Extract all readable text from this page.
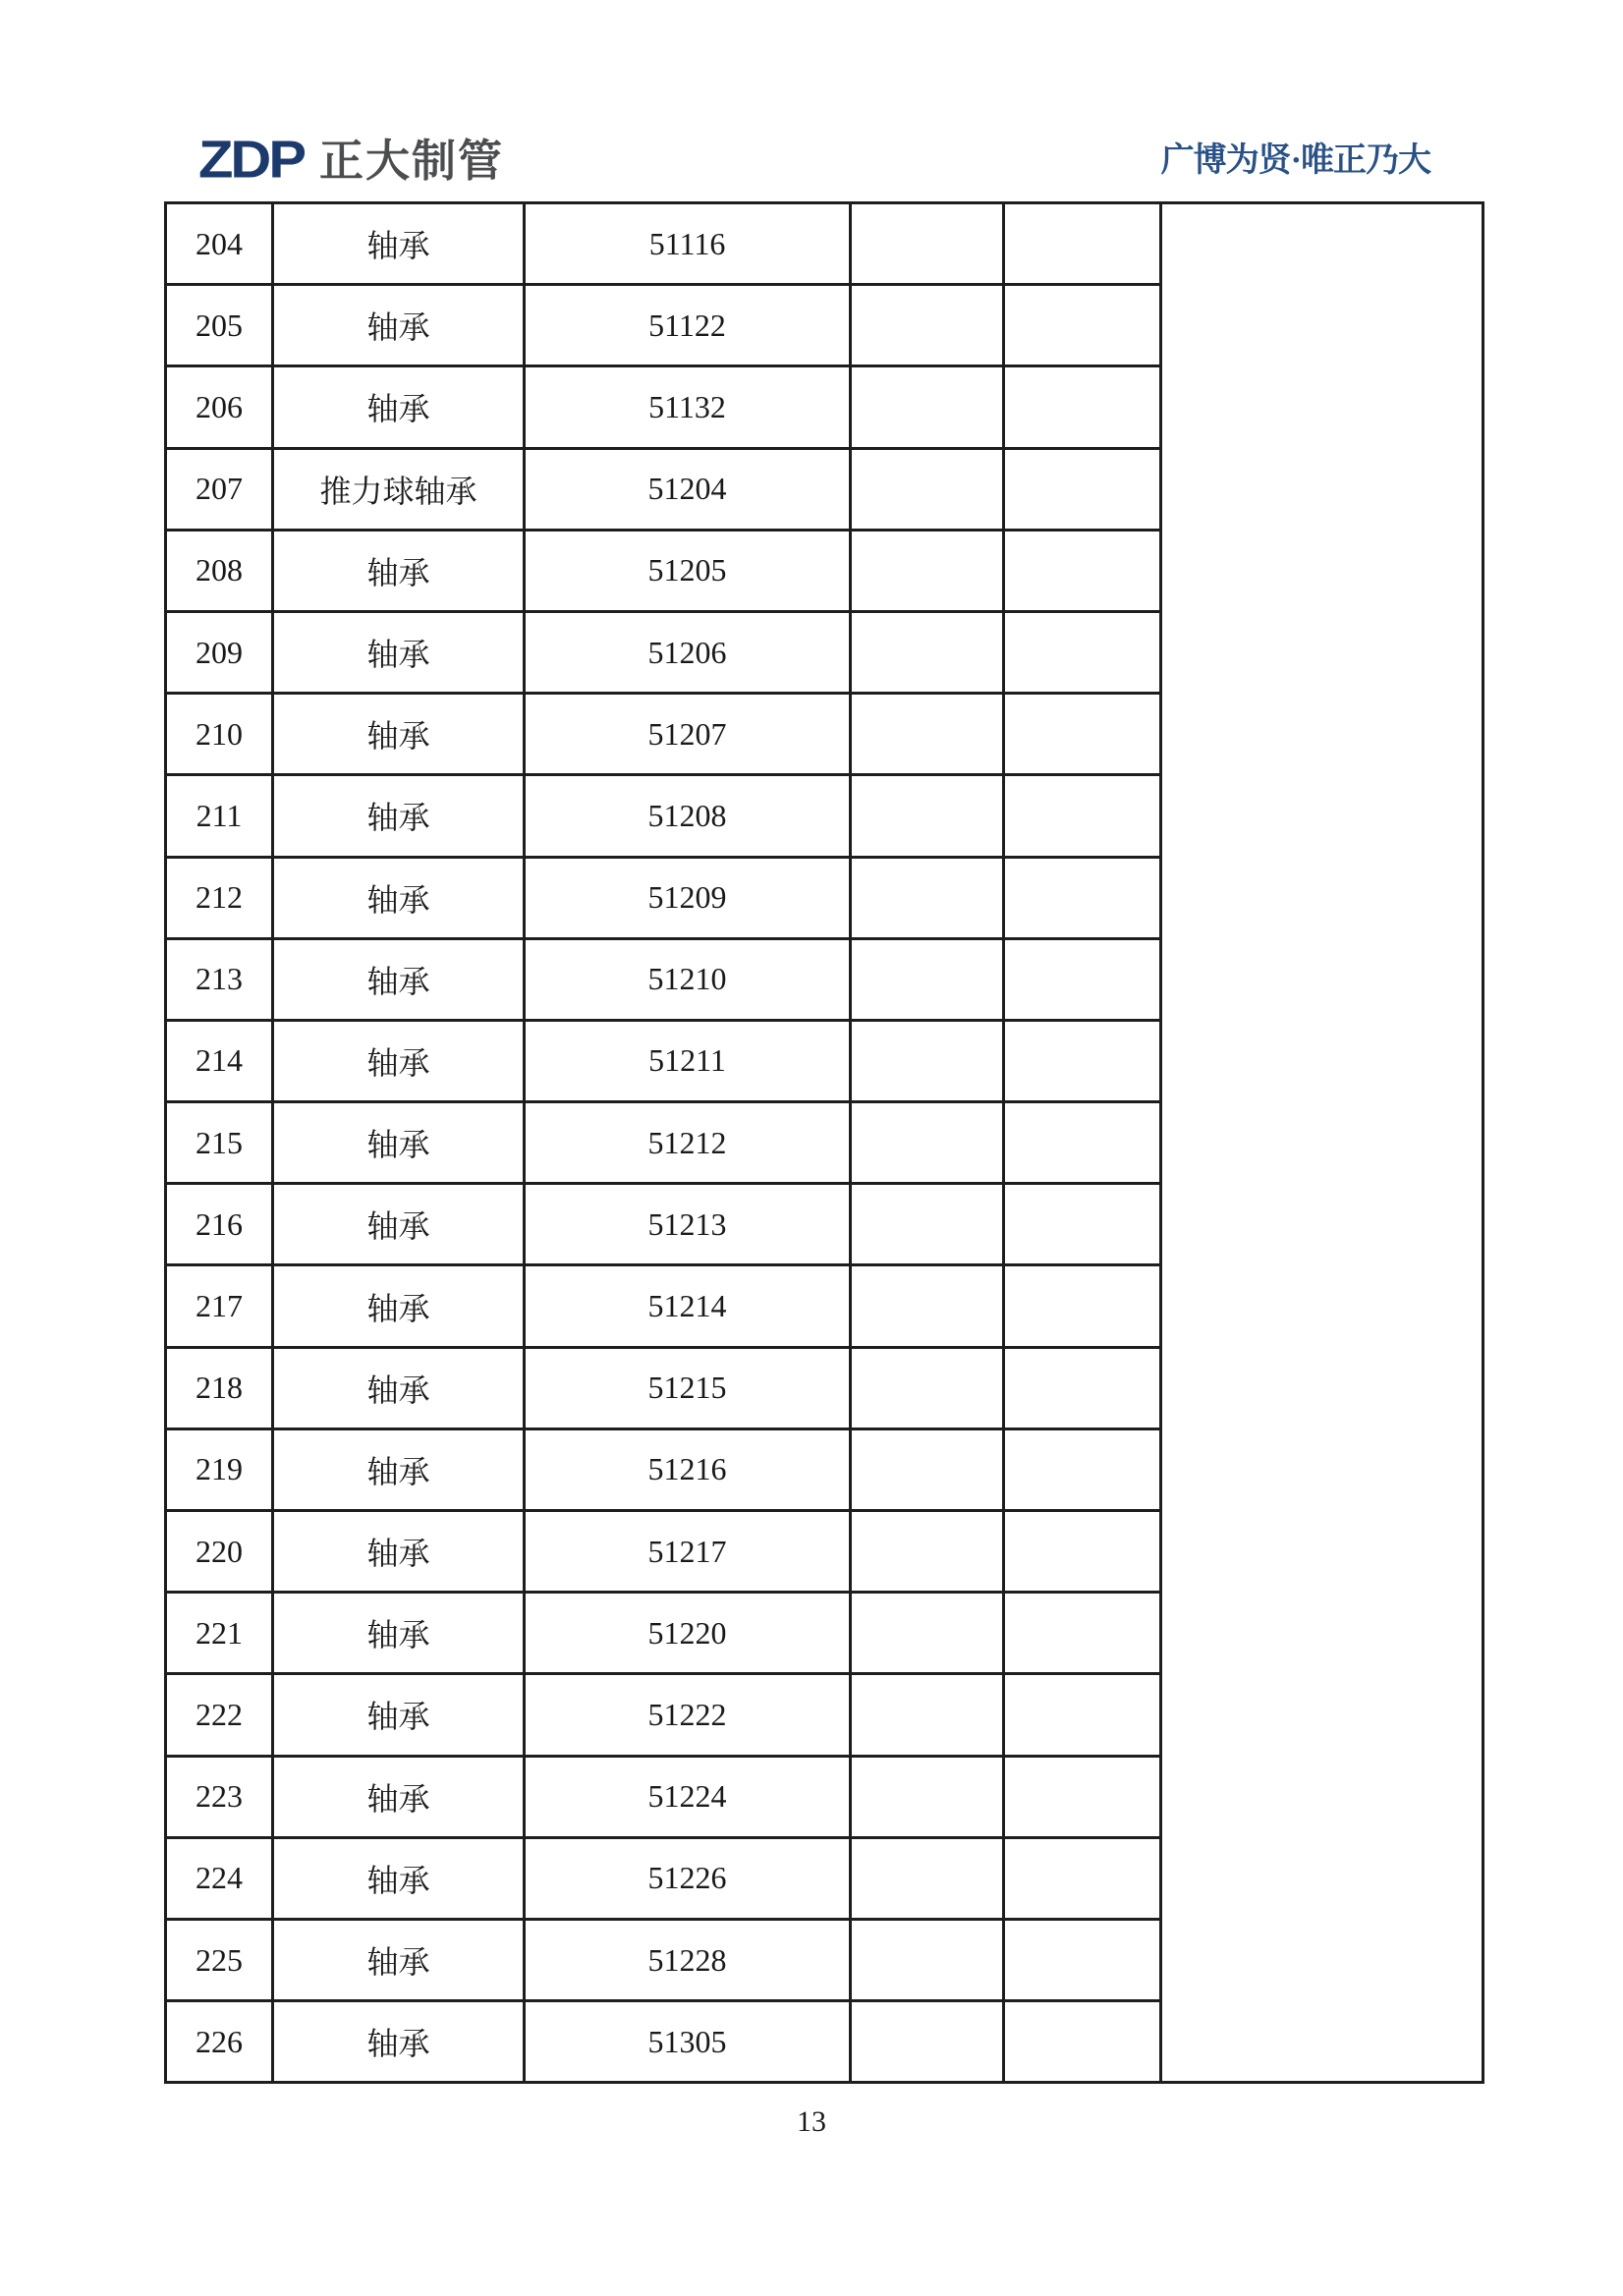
ZDP 正大制管	广博为贤·唯正乃大
204	轴承	51116			
205	轴承	51122			
206	轴承	51132			
207	推力球轴承	51204			
208	轴承	51205			
209	轴承	51206			
210	轴承	51207			
211	轴承	51208			
212	轴承	51209			
213	轴承	51210			
214	轴承	51211			
215	轴承	51212			
216	轴承	51213			
217	轴承	51214			
218	轴承	51215			
219	轴承	51216			
220	轴承	51217			
221	轴承	51220			
222	轴承	51222			
223	轴承	51224			
224	轴承	51226			
225	轴承	51228			
226	轴承	51305			
13
